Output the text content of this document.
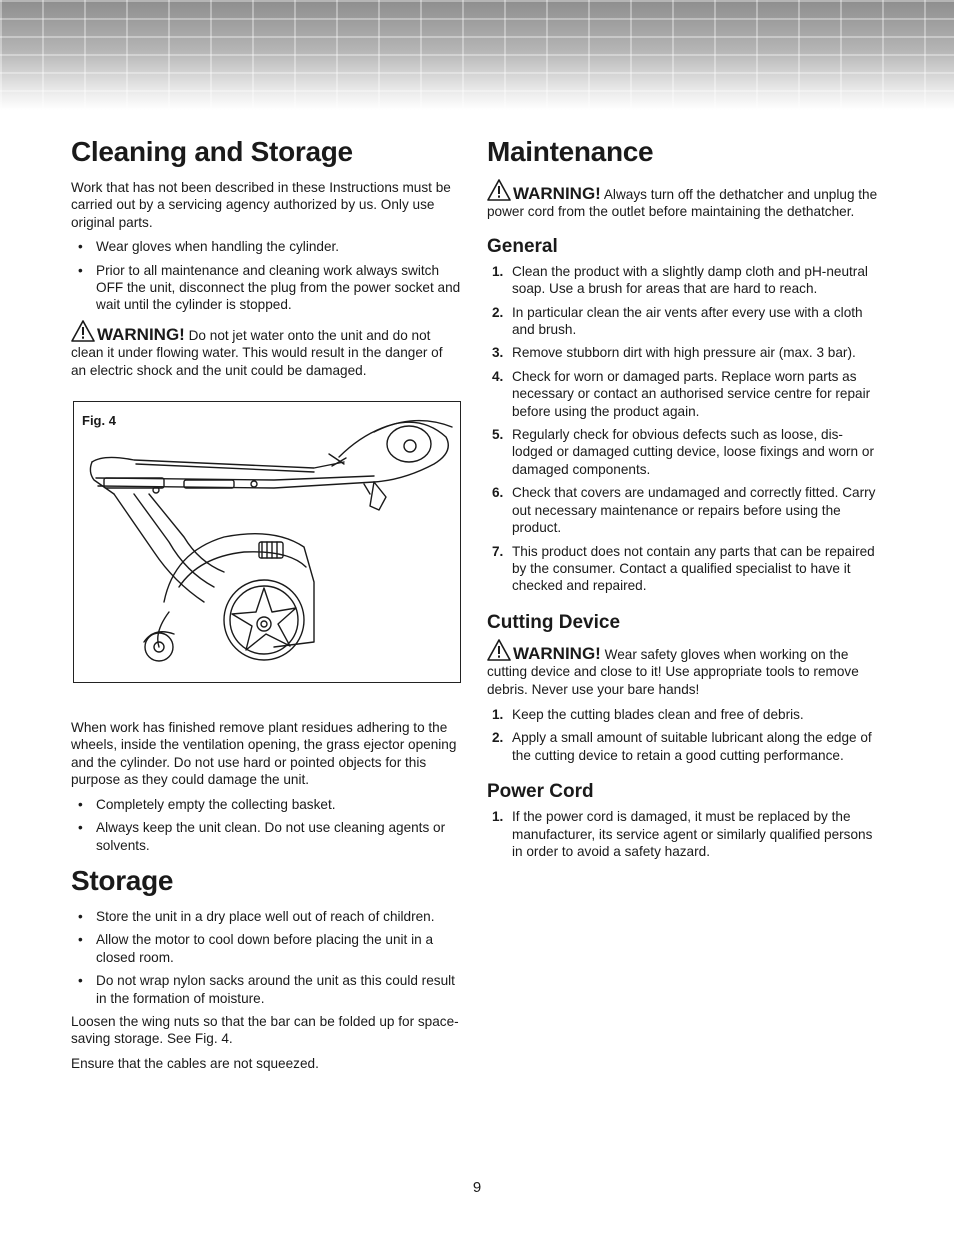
Cleaning and Storage

Work that has not been described in these Instructions must be carried out by a servicing agency authorized by us. Only use original parts.

• Wear gloves when handling the cylinder.
• Prior to all maintenance and cleaning work always switch OFF the unit, disconnect the plug from the power socket and wait until the cylinder is stopped.

WARNING! Do not jet water onto the unit and do not clean it under flowing water. This would result in the danger of an electric shock and the unit could be damaged.

Fig. 4

When work has finished remove plant residues adhering to the wheels, inside the ventilation opening, the grass ejector opening and the cylinder. Do not use hard or pointed objects for this purpose as they could damage the unit.

• Completely empty the collecting basket.
• Always keep the unit clean. Do not use cleaning agents or solvents.
Storage
• Store the unit in a dry place well out of reach of children.
• Allow the motor to cool down before placing the unit in a closed room.
• Do not wrap nylon sacks around the unit as this could result in the formation of moisture.

Loosen the wing nuts so that the bar can be folded up for space-saving storage. See Fig. 4.

Ensure that the cables are not squeezed.

Maintenance

WARNING! Always turn off the dethatcher and unplug the power cord from the outlet before maintaining the dethatcher.

General
1. Clean the product with a slightly damp cloth and pH-neutral soap. Use a brush for areas that are hard to reach.
2. In particular clean the air vents after every use with a cloth and brush.
3. Remove stubborn dirt with high pressure air (max. 3 bar).
4. Check for worn or damaged parts. Replace worn parts as necessary or contact an authorised service centre for repair before using the product again.
5. Regularly check for obvious defects such as loose, dis-lodged or damaged cutting device, loose fixings and worn or damaged components.
6. Check that covers are undamaged and correctly fitted. Carry out necessary maintenance or repairs before using the product.
7. This product does not contain any parts that can be repaired by the consumer. Contact a qualified specialist to have it checked and repaired.
Cutting Device

WARNING! Wear safety gloves when working on the cutting device and close to it! Use appropriate tools to remove debris. Never use your bare hands!

1. Keep the cutting blades clean and free of debris.
2. Apply a small amount of suitable lubricant along the edge of the cutting device to retain a good cutting performance.
Power Cord
1. If the power cord is damaged, it must be replaced by the manufacturer, its service agent or similarly qualified persons in order to avoid a safety hazard.
9
